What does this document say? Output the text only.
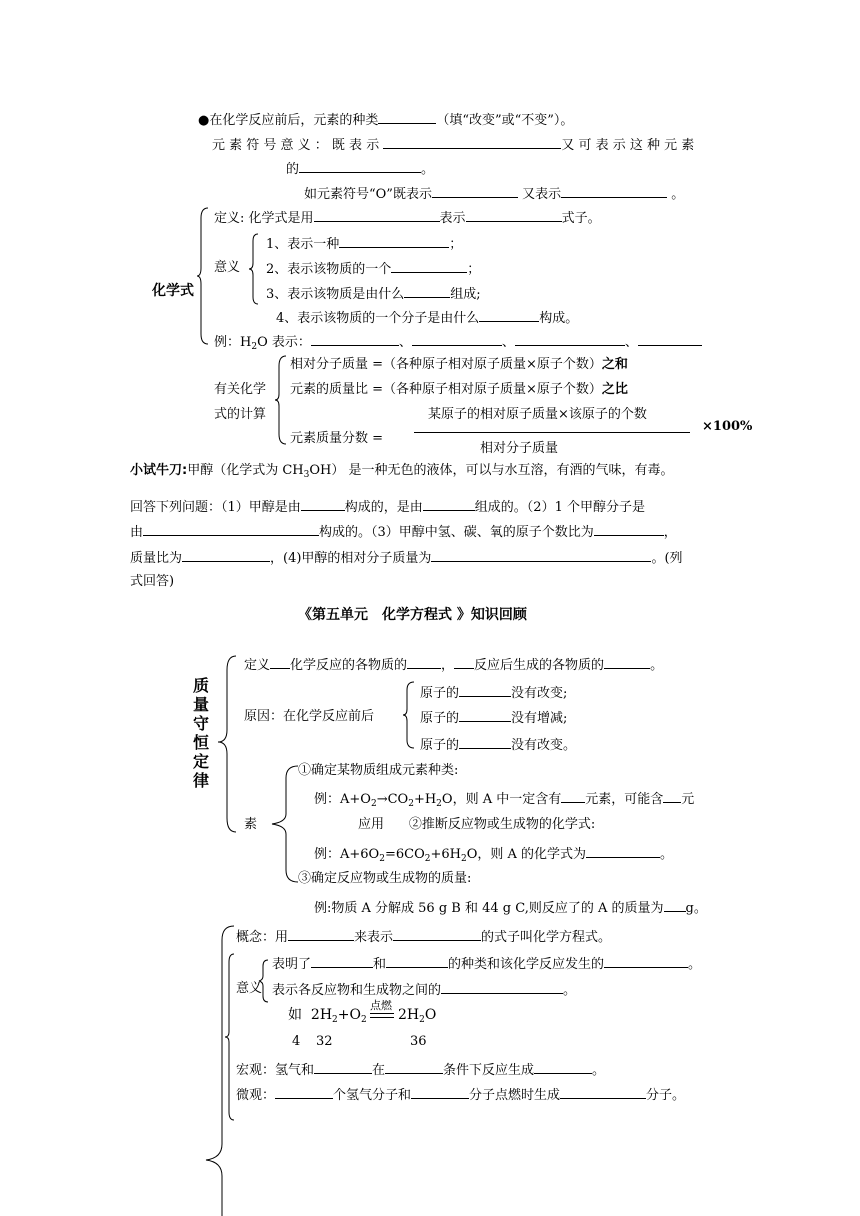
●在化学反应前后，元素的种类	（填“改变”或“不变”）。
元 素 符 号 意 义 ： 既 表 示	又 可 表 示 这 种 元 素
的	。
如元素符号“O”既表示	又表示	。
化学式
定义: 化学式是用	表示	式子。
意义
1、表示一种	；
2、表示该物质的一个	；
3、表示该物质是由什么	组成;
4、表示该物质的一个分子是由什么	构成。
例：$H_2O$ 表示：	、	、	、
有关化学
式的计算
相对分子质量 =（各种原子相对原子质量×原子个数）之和
元素的质量比 =（各种原子相对原子质量×原子个数）之比
某原子的相对原子质量×该原子的个数
元素质量分数 =
相对分子质量
×100%
小试牛刀:甲醇（化学式为 $CH_3OH$） 是一种无色的液体，可以与水互溶，有酒的气味，有毒。
回答下列问题：（1）甲醇是由	构成的，是由	组成的。（2）1 个甲醇分子是
由	构成的。（3）甲醇中氢、碳、氧的原子个数比为	，
质量比为	，(4)甲醇的相对分子质量为	。(列
式回答)
《第五单元　化学方程式 》知识回顾
质
量
守
恒
定
律
定义 化学反应的各物质的	， 反应后生成的各物质的	。
原因：在化学反应前后
原子的	没有改变;
原子的	没有增减;
原子的	没有改变。
素
①确定某物质组成元素种类:
例：$A+O_2\to CO_2+H_2O$，则 A 中一定含有 元素，可能含 元
应用 ②推断反应物或生成物的化学式:
例：$A+6O_2=6CO_2+6H_2O$，则 A 的化学式为	。
③确定反应物或生成物的质量:
例:物质 A 分解成 56 g B 和 44 g C,则反应了的 A 的质量为 g。
概念：用	来表示	的式子叫化学方程式。
意义
表明了	和	的种类和该化学反应发生的	。
表示各反应物和生成物之间的	。
如 $2H_2+O_2$
点燃
$2H_2O$
4 32	36
宏观：氢气和	在	条件下反应生成	。
微观：	个氢气分子和	分子点燃时生成	分子。
